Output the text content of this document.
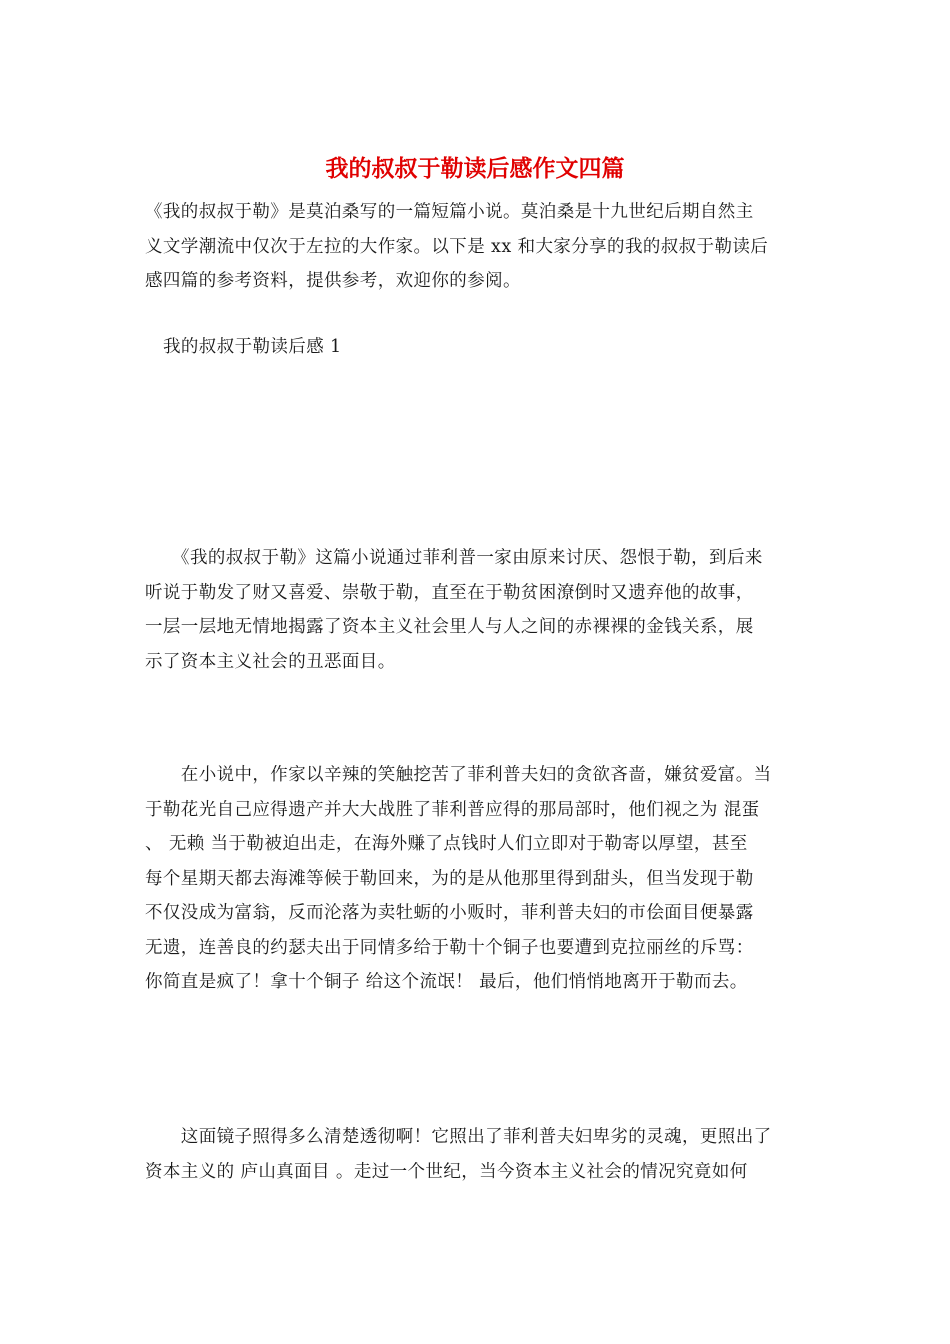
我的叔叔于勒读后感作文四篇
《我的叔叔于勒》是莫泊桑写的一篇短篇小说。莫泊桑是十九世纪后期自然主
义文学潮流中仅次于左拉的大作家。以下是 xx 和大家分享的我的叔叔于勒读后
感四篇的参考资料，提供参考，欢迎你的参阅。
我的叔叔于勒读后感 1
　　《我的叔叔于勒》这篇小说通过菲利普一家由原来讨厌、怨恨于勒，到后来
听说于勒发了财又喜爱、崇敬于勒，直至在于勒贫困潦倒时又遗弃他的故事，
一层一层地无情地揭露了资本主义社会里人与人之间的赤裸裸的金钱关系，展
示了资本主义社会的丑恶面目。
　　在小说中，作家以辛辣的笑触挖苦了菲利普夫妇的贪欲吝啬，嫌贫爱富。当
于勒花光自己应得遗产并大大战胜了菲利普应得的那局部时，他们视之为 混蛋
、 无赖 当于勒被迫出走，在海外赚了点钱时人们立即对于勒寄以厚望，甚至
每个星期天都去海滩等候于勒回来，为的是从他那里得到甜头，但当发现于勒
不仅没成为富翁，反而沦落为卖牡蛎的小贩时，菲利普夫妇的市侩面目便暴露
无遗，连善良的约瑟夫出于同情多给于勒十个铜子也要遭到克拉丽丝的斥骂：
你简直是疯了！拿十个铜子 给这个流氓！ 最后，他们悄悄地离开于勒而去。
　　这面镜子照得多么清楚透彻啊！它照出了菲利普夫妇卑劣的灵魂，更照出了
资本主义的 庐山真面目 。走过一个世纪，当今资本主义社会的情况究竟如何
